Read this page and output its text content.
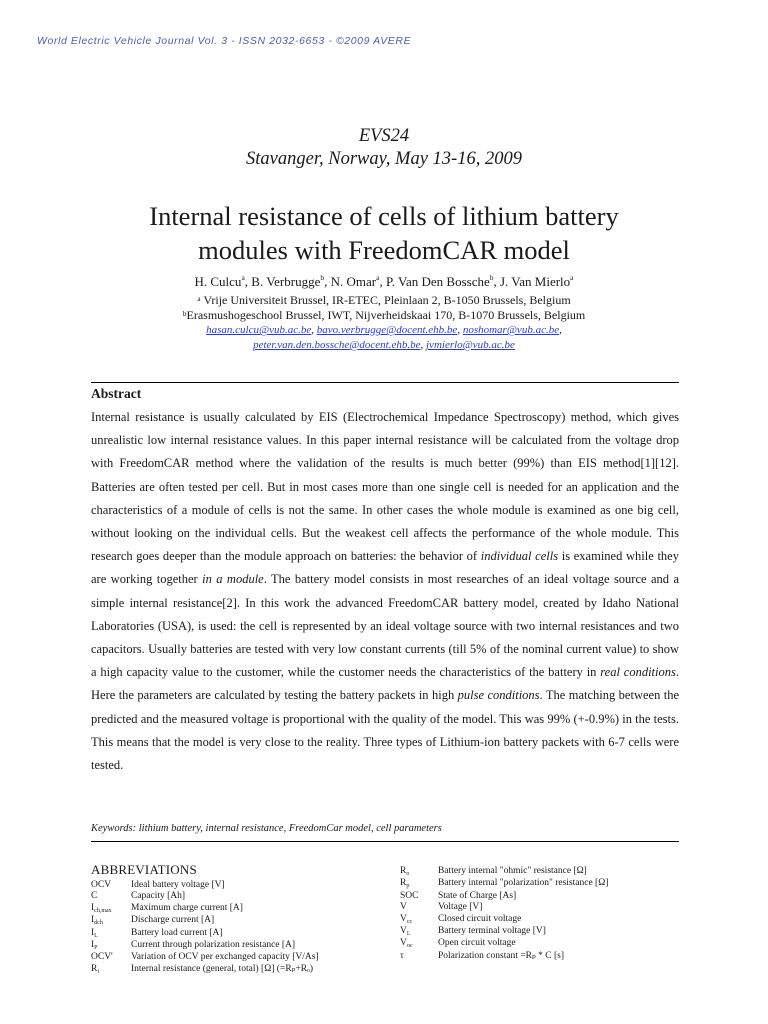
World Electric Vehicle Journal Vol. 3 - ISSN 2032-6653 - ©2009 AVERE
EVS24
Stavanger, Norway, May 13-16, 2009
Internal resistance of cells of lithium battery
modules with FreedomCAR model
H. Culcu$^a$, B. Verbrugge$^b$, N. Omar$^a$, P. Van Den Bossche$^b$, J. Van Mierlo$^a$
$^a$ Vrije Universiteit Brussel, IR-ETEC, Pleinlaan 2, B-1050 Brussels, Belgium
$^b$Erasmushogeschool Brussel, IWT, Nijverheidskaai 170, B-1070 Brussels, Belgium
hasan.culcu@vub.ac.be, bavo.verbrugge@docent.ehb.be, noshomar@vub.ac.be,
peter.van.den.bossche@docent.ehb.be, jvmierlo@vub.ac.be
Abstract

Internal resistance is usually calculated by EIS (Electrochemical Impedance Spectroscopy) method, which gives unrealistic low internal resistance values. In this paper internal resistance will be calculated from the voltage drop with FreedomCAR method where the validation of the results is much better (99%) than EIS method[1][12]. Batteries are often tested per cell. But in most cases more than one single cell is needed for an application and the characteristics of a module of cells is not the same. In other cases the whole module is examined as one big cell, without looking on the individual cells. But the weakest cell affects the performance of the whole module. This research goes deeper than the module approach on batteries: the behavior of individual cells is examined while they are working together in a module. The battery model consists in most researches of an ideal voltage source and a simple internal resistance[2]. In this work the advanced FreedomCAR battery model, created by Idaho National Laboratories (USA), is used: the cell is represented by an ideal voltage source with two internal resistances and two capacitors. Usually batteries are tested with very low constant currents (till 5% of the nominal current value) to show a high capacity value to the customer, while the customer needs the characteristics of the battery in real conditions. Here the parameters are calculated by testing the battery packets in high pulse conditions. The matching between the predicted and the measured voltage is proportional with the quality of the model. This was 99% (+-0.9%) in the tests. This means that the model is very close to the reality. Three types of Lithium-ion battery packets with 6-7 cells were tested.

Keywords: lithium battery, internal resistance, FreedomCar model, cell parameters
ABBREVIATIONS
OCV	Ideal battery voltage [V]
C	Capacity [Ah]
$I_{ch,max}$	Maximum charge current [A]
$I_{dch}$	Discharge current [A]
$I_L$	Battery load current [A]
$I_P$	Current through polarization resistance [A]
OCV'	Variation of OCV per exchanged capacity [V/As]
$R_i$	Internal resistance (general, total) [Ω] (=Rₚ+Rₒ)
$R_o$	Battery internal "ohmic" resistance [Ω]
$R_p$	Battery internal "polarization" resistance [Ω]
SOC	State of Charge [As]
V	Voltage [V]
$V_{cc}$	Closed circuit voltage
$V_L$	Battery terminal voltage [V]
$V_{oc}$	Open circuit voltage
τ	Polarization constant =Rₚ * C [s]
